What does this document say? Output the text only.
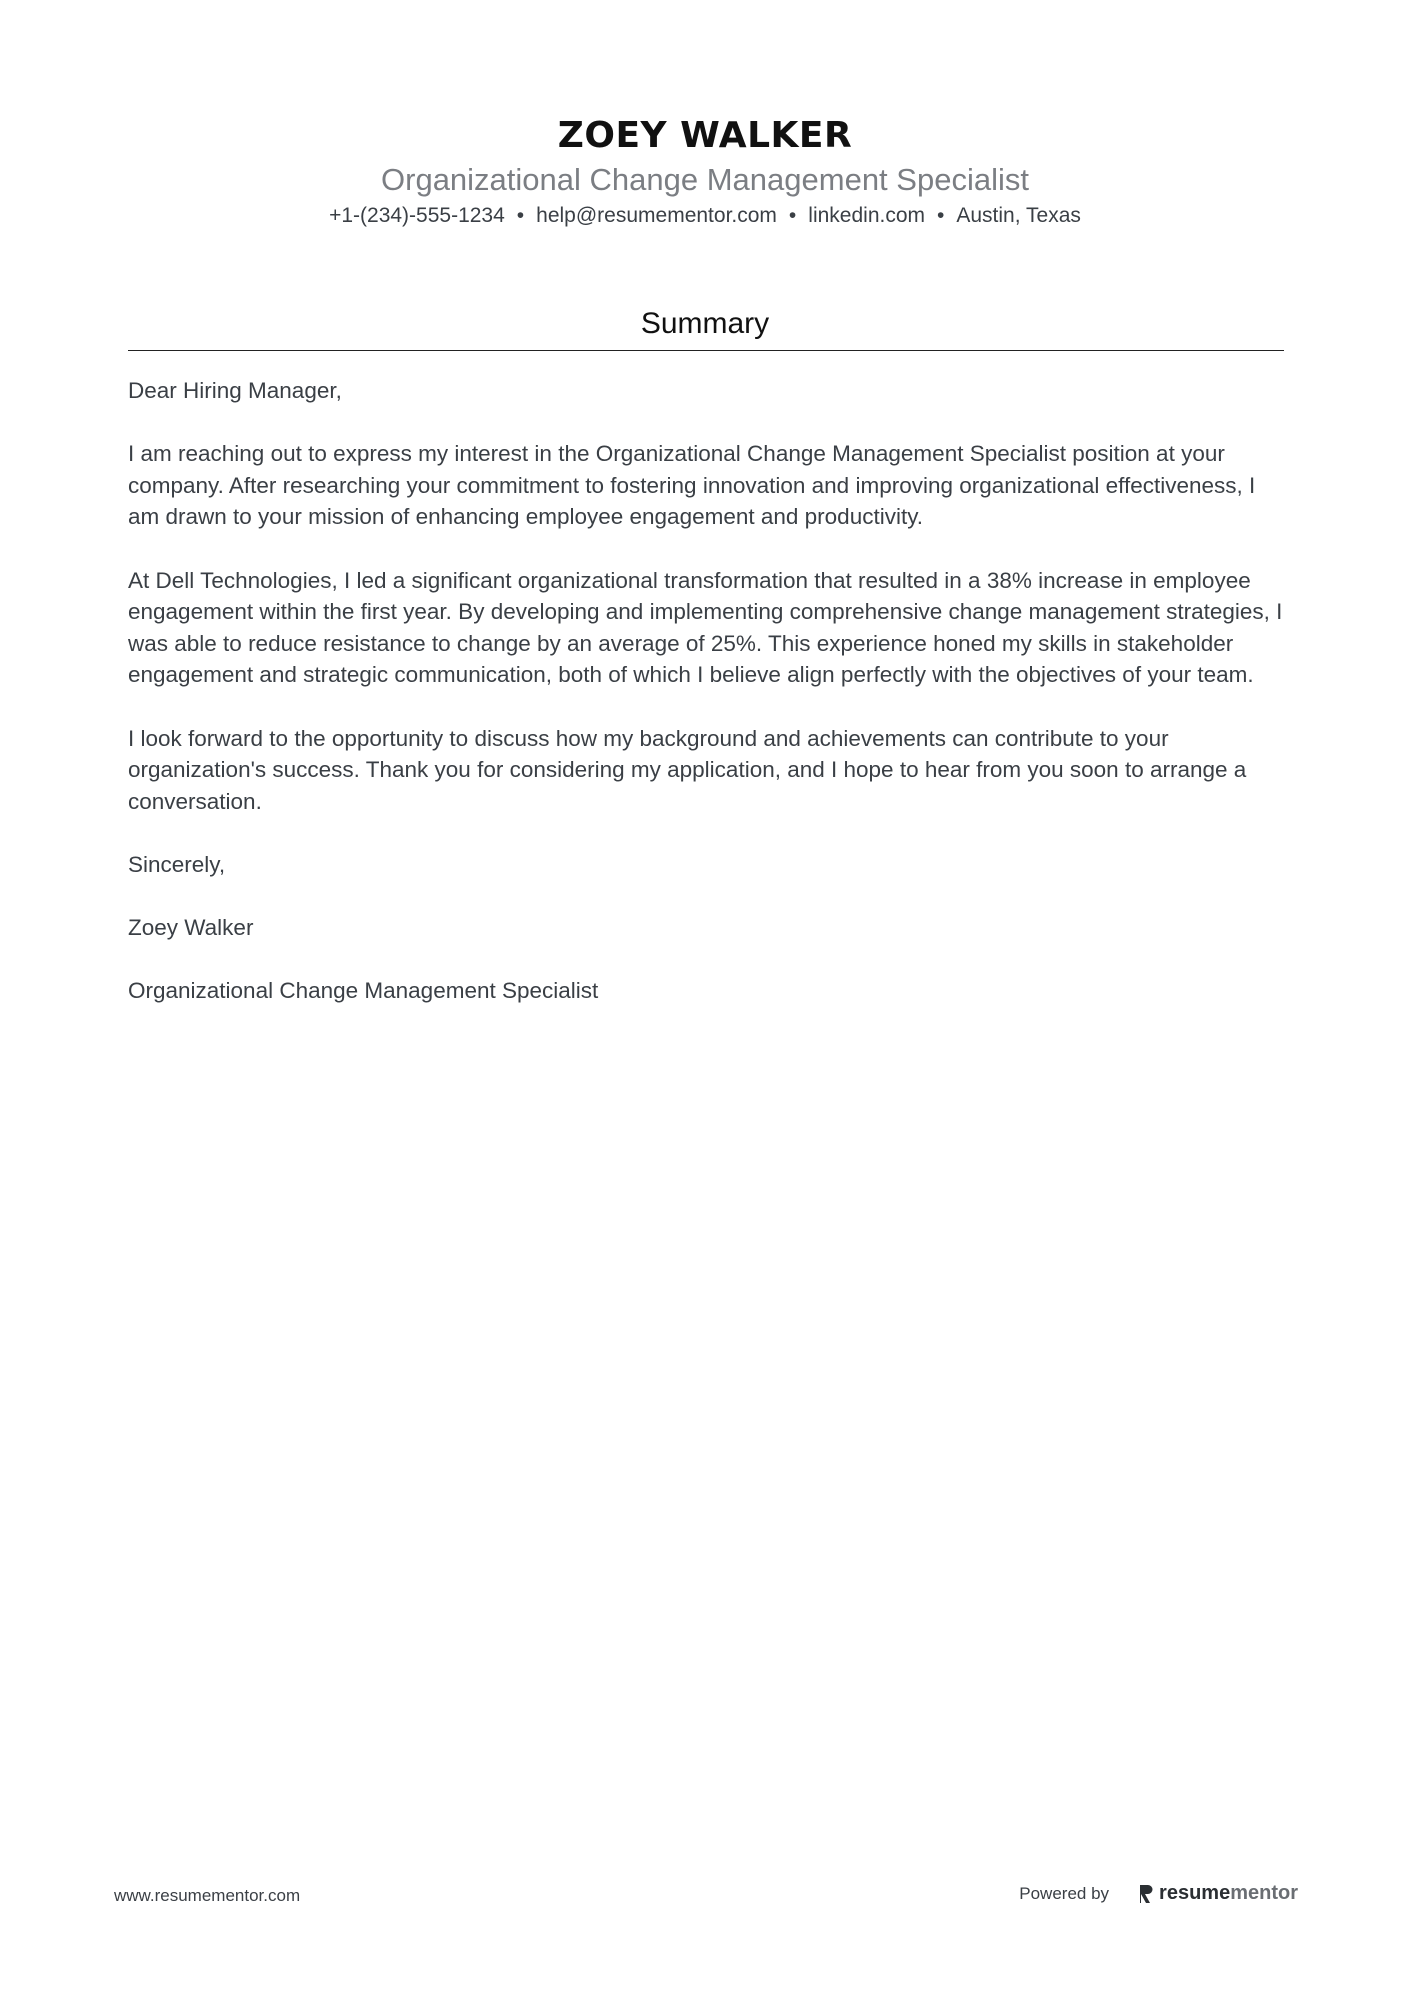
ZOEY WALKER
Organizational Change Management Specialist
+1-(234)-555-1234 • help@resumementor.com • linkedin.com • Austin, Texas
Summary

Dear Hiring Manager,

I am reaching out to express my interest in the Organizational Change Management Specialist position at your company. After researching your commitment to fostering innovation and improving organizational effectiveness, I am drawn to your mission of enhancing employee engagement and productivity.

At Dell Technologies, I led a significant organizational transformation that resulted in a 38% increase in employee engagement within the first year. By developing and implementing comprehensive change management strategies, I was able to reduce resistance to change by an average of 25%. This experience honed my skills in stakeholder engagement and strategic communication, both of which I believe align perfectly with the objectives of your team.

I look forward to the opportunity to discuss how my background and achievements can contribute to your organization's success. Thank you for considering my application, and I hope to hear from you soon to arrange a conversation.

Sincerely,

Zoey Walker

Organizational Change Management Specialist

www.resumementor.com	Powered by	resume mentor
